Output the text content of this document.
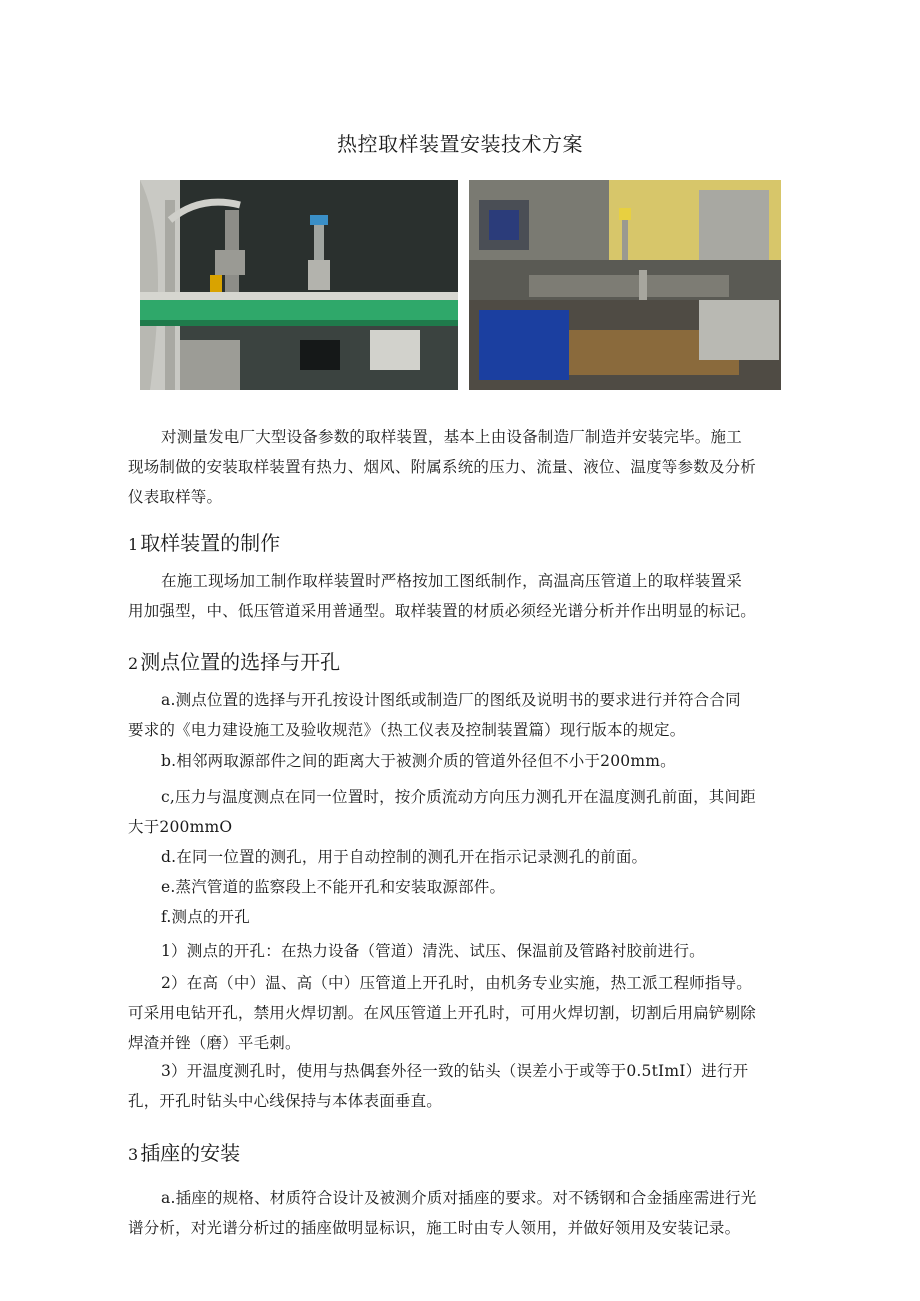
热控取样装置安装技术方案
对测量发电厂大型设备参数的取样装置，基本上由设备制造厂制造并安装完毕。施工
现场制做的安装取样装置有热力、烟风、附属系统的压力、流量、液位、温度等参数及分析
仪表取样等。
1 取样装置的制作
在施工现场加工制作取样装置时严格按加工图纸制作，高温高压管道上的取样装置采
用加强型，中、低压管道采用普通型。取样装置的材质必须经光谱分析并作出明显的标记。
2 测点位置的选择与开孔
a.测点位置的选择与开孔按设计图纸或制造厂的图纸及说明书的要求进行并符合合同
要求的《电力建设施工及验收规范》（热工仪表及控制装置篇）现行版本的规定。
b.相邻两取源部件之间的距离大于被测介质的管道外径但不小于200mm。
c,压力与温度测点在同一位置时，按介质流动方向压力测孔开在温度测孔前面，其间距
大于200mmO
d.在同一位置的测孔，用于自动控制的测孔开在指示记录测孔的前面。
e.蒸汽管道的监察段上不能开孔和安装取源部件。
f.测点的开孔
1）测点的开孔：在热力设备（管道）清洗、试压、保温前及管路衬胶前进行。
2）在高（中）温、高（中）压管道上开孔时，由机务专业实施，热工派工程师指导。
可采用电钻开孔，禁用火焊切割。在风压管道上开孔时，可用火焊切割，切割后用扁铲剔除
焊渣并锉（磨）平毛刺。
3）开温度测孔时，使用与热偶套外径一致的钻头（误差小于或等于0.5tImI）进行开
孔，开孔时钻头中心线保持与本体表面垂直。
3 插座的安装
a.插座的规格、材质符合设计及被测介质对插座的要求。对不锈钢和合金插座需进行光
谱分析，对光谱分析过的插座做明显标识，施工时由专人领用，并做好领用及安装记录。
